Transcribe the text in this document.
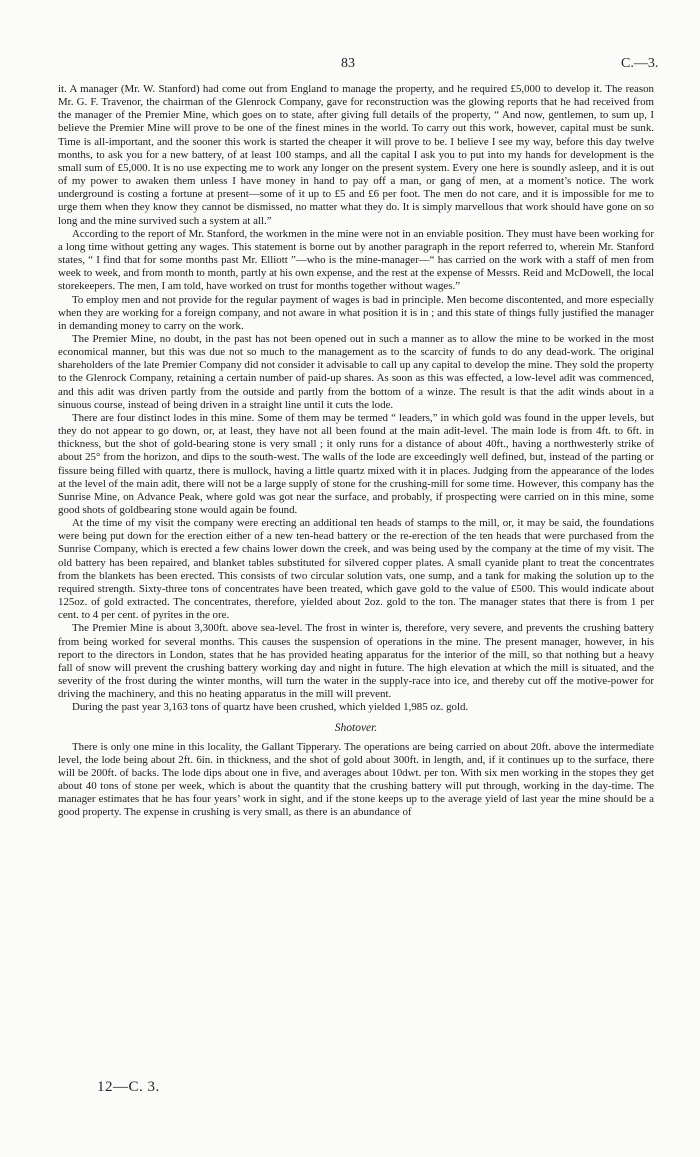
83	C.—3.

it. A manager (Mr. W. Stanford) had come out from England to manage the property, and he required £5,000 to develop it. The reason Mr. G. F. Travenor, the chairman of the Glenrock Company, gave for reconstruction was the glowing reports that he had received from the manager of the Premier Mine, which goes on to state, after giving full details of the property, “ And now, gentlemen, to sum up, I believe the Premier Mine will prove to be one of the finest mines in the world. To carry out this work, however, capital must be sunk. Time is all-important, and the sooner this work is started the cheaper it will prove to be. I believe I see my way, before this day twelve months, to ask you for a new battery, of at least 100 stamps, and all the capital I ask you to put into my hands for development is the small sum of £5,000. It is no use expecting me to work any longer on the present system. Every one here is soundly asleep, and it is out of my power to awaken them unless I have money in hand to pay off a man, or gang of men, at a moment’s notice. The work underground is costing a fortune at present—some of it up to £5 and £6 per foot. The men do not care, and it is impossible for me to urge them when they know they cannot be dismissed, no matter what they do. It is simply marvellous that work should have gone on so long and the mine survived such a system at all.”

According to the report of Mr. Stanford, the workmen in the mine were not in an enviable position. They must have been working for a long time without getting any wages. This statement is borne out by another paragraph in the report referred to, wherein Mr. Stanford states, “ I find that for some months past Mr. Elliott ”—who is the mine-manager—“ has carried on the work with a staff of men from week to week, and from month to month, partly at his own expense, and the rest at the expense of Messrs. Reid and McDowell, the local storekeepers. The men, I am told, have worked on trust for months together without wages.”

To employ men and not provide for the regular payment of wages is bad in principle. Men become discontented, and more especially when they are working for a foreign company, and not aware in what position it is in ; and this state of things fully justified the manager in demanding money to carry on the work.

The Premier Mine, no doubt, in the past has not been opened out in such a manner as to allow the mine to be worked in the most economical manner, but this was due not so much to the management as to the scarcity of funds to do any dead-work. The original shareholders of the late Premier Company did not consider it advisable to call up any capital to develop the mine. They sold the property to the Glenrock Company, retaining a certain number of paid-up shares. As soon as this was effected, a low-level adit was commenced, and this adit was driven partly from the outside and partly from the bottom of a winze. The result is that the adit winds about in a sinuous course, instead of being driven in a straight line until it cuts the lode.

There are four distinct lodes in this mine. Some of them may be termed “ leaders,” in which gold was found in the upper levels, but they do not appear to go down, or, at least, they have not all been found at the main adit-level. The main lode is from 4ft. to 6ft. in thickness, but the shot of gold-bearing stone is very small ; it only runs for a distance of about 40ft., having a northwesterly strike of about 25° from the horizon, and dips to the south-west. The walls of the lode are exceedingly well defined, but, instead of the parting or fissure being filled with quartz, there is mullock, having a little quartz mixed with it in places. Judging from the appearance of the lodes at the level of the main adit, there will not be a large supply of stone for the crushing-mill for some time. However, this company has the Sunrise Mine, on Advance Peak, where gold was got near the surface, and probably, if prospecting were carried on in this mine, some good shots of goldbearing stone would again be found.

At the time of my visit the company were erecting an additional ten heads of stamps to the mill, or, it may be said, the foundations were being put down for the erection either of a new ten-head battery or the re-erection of the ten heads that were purchased from the Sunrise Company, which is erected a few chains lower down the creek, and was being used by the company at the time of my visit. The old battery has been repaired, and blanket tables substituted for silvered copper plates. A small cyanide plant to treat the concentrates from the blankets has been erected. This consists of two circular solution vats, one sump, and a tank for making the solution up to the required strength. Sixty-three tons of concentrates have been treated, which gave gold to the value of £500. This would indicate about 125oz. of gold extracted. The concentrates, therefore, yielded about 2oz. gold to the ton. The manager states that there is from 1 per cent. to 4 per cent. of pyrites in the ore.

The Premier Mine is about 3,300ft. above sea-level. The frost in winter is, therefore, very severe, and prevents the crushing battery from being worked for several months. This causes the suspension of operations in the mine. The present manager, however, in his report to the directors in London, states that he has provided heating apparatus for the interior of the mill, so that nothing but a heavy fall of snow will prevent the crushing battery working day and night in future. The high elevation at which the mill is situated, and the severity of the frost during the winter months, will turn the water in the supply-race into ice, and thereby cut off the motive-power for driving the machinery, and this no heating apparatus in the mill will prevent.

During the past year 3,163 tons of quartz have been crushed, which yielded 1,985 oz. gold.

Shotover.

There is only one mine in this locality, the Gallant Tipperary. The operations are being carried on about 20ft. above the intermediate level, the lode being about 2ft. 6in. in thickness, and the shot of gold about 300ft. in length, and, if it continues up to the surface, there will be 200ft. of backs. The lode dips about one in five, and averages about 10dwt. per ton. With six men working in the stopes they get about 40 tons of stone per week, which is about the quantity that the crushing battery will put through, working in the day-time. The manager estimates that he has four years’ work in sight, and if the stone keeps up to the average yield of last year the mine should be a good property. The expense in crushing is very small, as there is an abundance of

12—C. 3.
